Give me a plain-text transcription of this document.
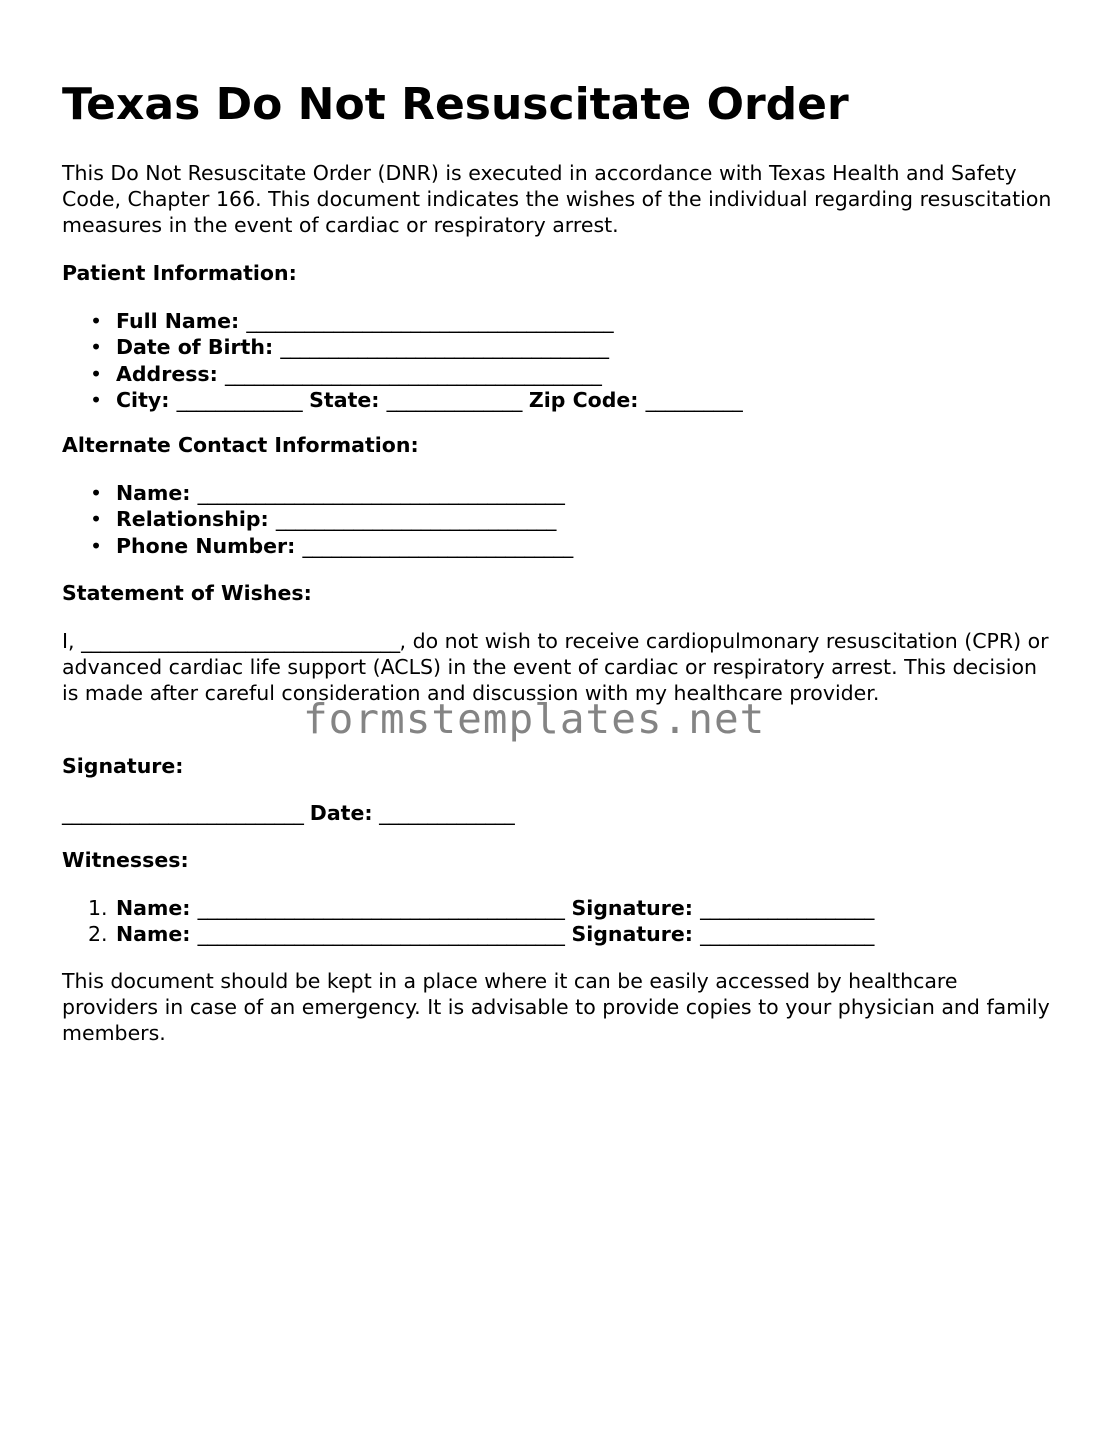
Texas Do Not Resuscitate Order

This Do Not Resuscitate Order (DNR) is executed in accordance with Texas Health and Safety Code, Chapter 166. This document indicates the wishes of the individual regarding resuscitation measures in the event of cardiac or respiratory arrest.

Patient Information:
• Full Name: ______________________________________
• Date of Birth: __________________________________
• Address: _______________________________________
• City: _____________ State: ______________ Zip Code: __________
Alternate Contact Information:
• Name: ______________________________________
• Relationship: _____________________________
• Phone Number: ____________________________
Statement of Wishes:

I, _________________________________, do not wish to receive cardiopulmonary resuscitation (CPR) or advanced cardiac life support (ACLS) in the event of cardiac or respiratory arrest. This decision is made after careful consideration and discussion with my healthcare provider.

Signature:
_________________________ Date: ______________
Witnesses:
1. Name: ______________________________________ Signature: __________________
2. Name: ______________________________________ Signature: __________________

This document should be kept in a place where it can be easily accessed by healthcare providers in case of an emergency. It is advisable to provide copies to your physician and family members.

formstemplates.net
